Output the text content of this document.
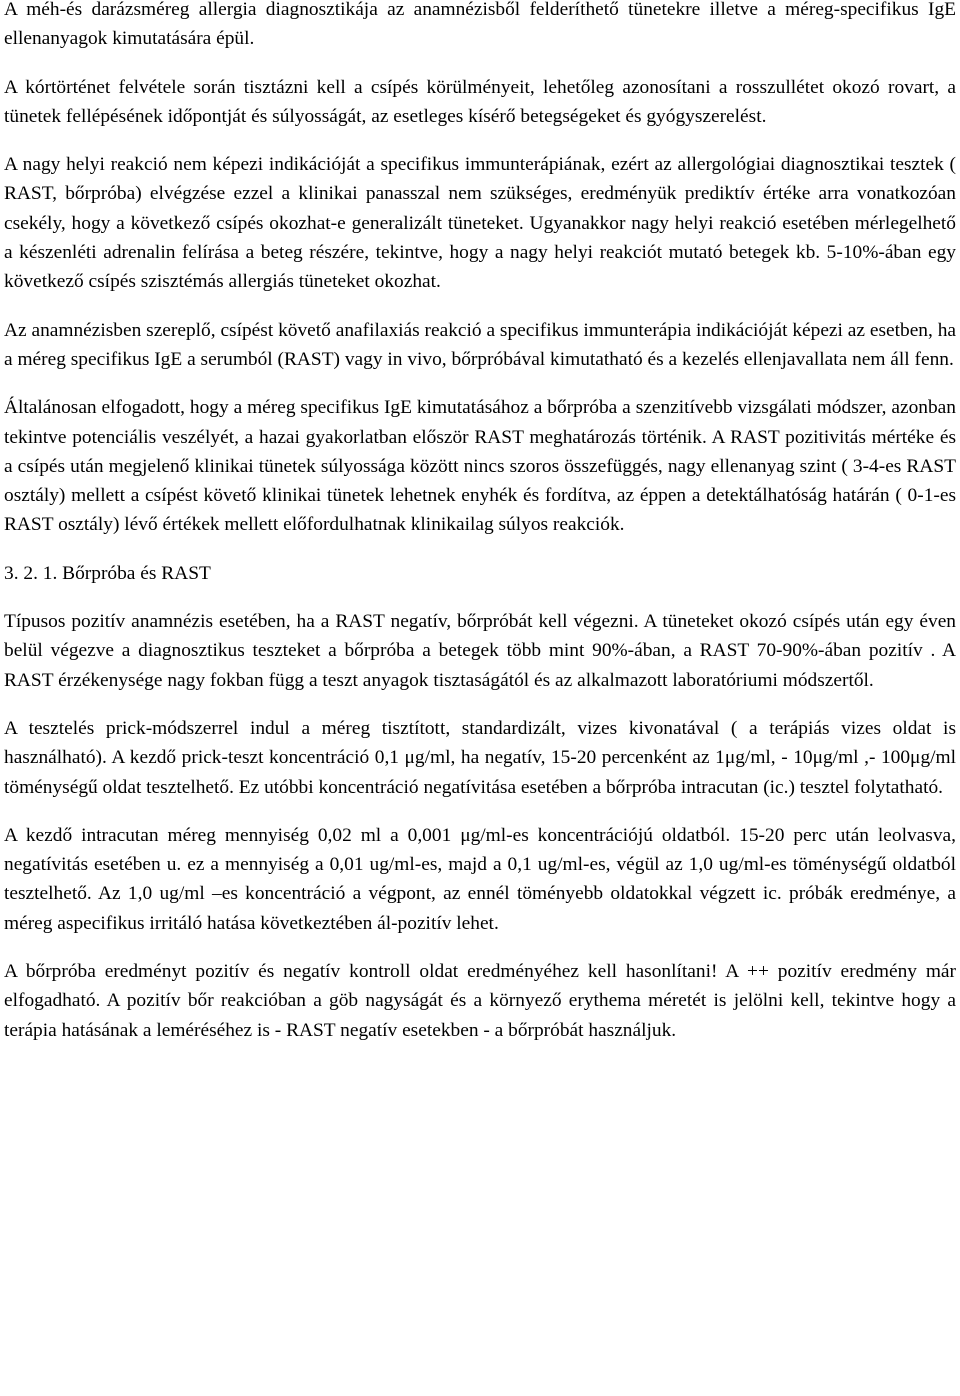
A méh-és darázsméreg allergia diagnosztikája az anamnézisből felderíthető tünetekre illetve a méreg-specifikus IgE ellenanyagok kimutatására épül.

A kórtörténet felvétele során tisztázni kell a csípés körülményeit, lehetőleg azonosítani a rosszullétet okozó rovart, a tünetek fellépésének időpontját és súlyosságát, az esetleges kísérő betegségeket és gyógyszerelést.

A nagy helyi reakció nem képezi indikációját a specifikus immunterápiának, ezért az allergológiai diagnosztikai tesztek ( RAST, bőrpróba) elvégzése ezzel a klinikai panasszal nem szükséges, eredményük prediktív értéke arra vonatkozóan csekély, hogy a következő csípés okozhat-e generalizált tüneteket. Ugyanakkor nagy helyi reakció esetében mérlegelhető a készenléti adrenalin felírása a beteg részére, tekintve, hogy a nagy helyi reakciót mutató betegek kb. 5-10%-ában egy következő csípés szisztémás allergiás tüneteket okozhat.

Az anamnézisben szereplő, csípést követő anafilaxiás reakció a specifikus immunterápia indikációját képezi az esetben, ha a méreg specifikus IgE a serumból (RAST) vagy in vivo, bőrpróbával kimutatható és a kezelés ellenjavallata nem áll fenn.

Általánosan elfogadott, hogy a méreg specifikus IgE kimutatásához a bőrpróba a szenzitívebb vizsgálati módszer, azonban tekintve potenciális veszélyét, a hazai gyakorlatban először RAST meghatározás történik. A RAST pozitivitás mértéke és a csípés után megjelenő klinikai tünetek súlyossága között nincs szoros összefüggés, nagy ellenanyag szint ( 3-4-es RAST osztály) mellett a csípést követő klinikai tünetek lehetnek enyhék és fordítva, az éppen a detektálhatóság határán ( 0-1-es RAST osztály) lévő értékek mellett előfordulhatnak klinikailag súlyos reakciók.

3. 2. 1. Bőrpróba és RAST

Típusos pozitív anamnézis esetében, ha a RAST negatív, bőrpróbát kell végezni. A tüneteket okozó csípés után egy éven belül végezve a diagnosztikus teszteket a bőrpróba a betegek több mint 90%-ában, a RAST 70-90%-ában pozitív . A RAST érzékenysége nagy fokban függ a teszt anyagok tisztaságától és az alkalmazott laboratóriumi módszertől.

A tesztelés prick-módszerrel indul a méreg tisztított, standardizált, vizes kivonatával ( a terápiás vizes oldat is használható). A kezdő prick-teszt koncentráció 0,1 μg/ml, ha negatív, 15-20 percenként az 1μg/ml, - 10μg/ml ,- 100μg/ml töménységű oldat tesztelhető. Ez utóbbi koncentráció negatívitása esetében a bőrpróba intracutan (ic.) tesztel folytatható.

A kezdő intracutan méreg mennyiség 0,02 ml a 0,001 μg/ml-es koncentrációjú oldatból. 15-20 perc után leolvasva, negatívitás esetében u. ez a mennyiség a 0,01 ug/ml-es, majd a 0,1 ug/ml-es, végül az 1,0 ug/ml-es töménységű oldatból tesztelhető. Az 1,0 ug/ml –es koncentráció a végpont, az ennél töményebb oldatokkal végzett ic. próbák eredménye, a méreg aspecifikus irritáló hatása következtében ál-pozitív lehet.

A bőrpróba eredményt pozitív és negatív kontroll oldat eredményéhez kell hasonlítani! A ++ pozitív eredmény már elfogadható. A pozitív bőr reakcióban a göb nagyságát és a környező erythema méretét is jelölni kell, tekintve hogy a terápia hatásának a leméréséhez is - RAST negatív esetekben - a bőrpróbát használjuk.
